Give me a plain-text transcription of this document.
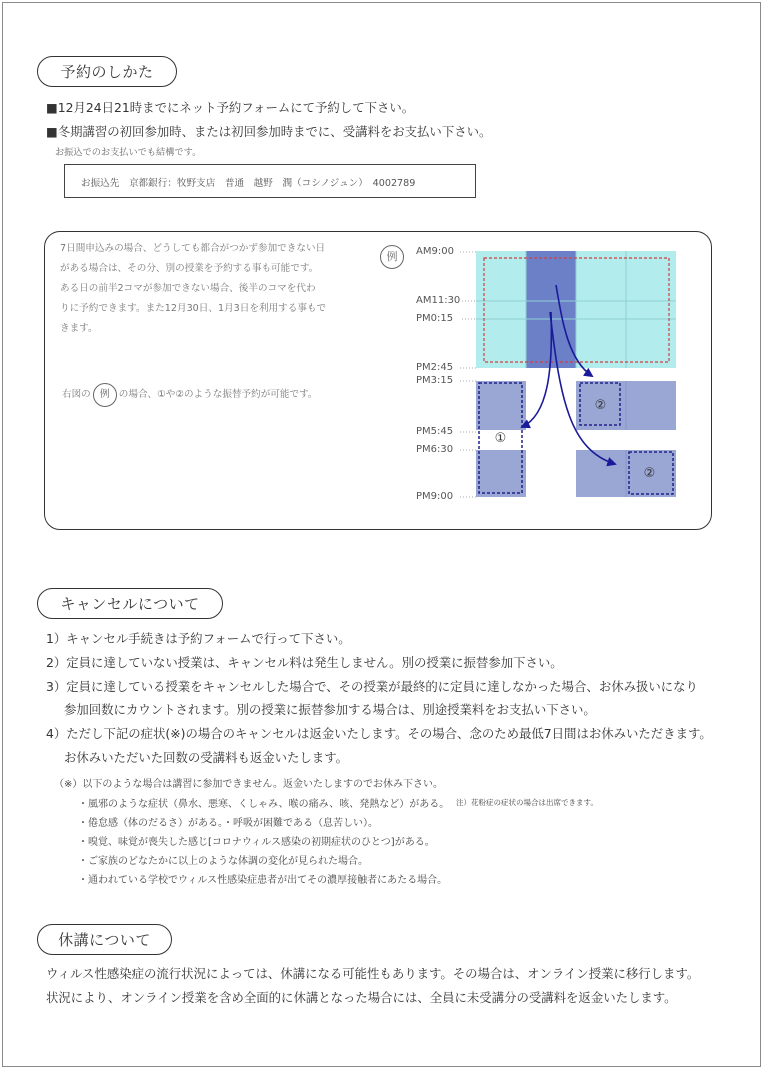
予約のしかた
■12月24日21時までにネット予約フォームにて予約して下さい。
■冬期講習の初回参加時、または初回参加時までに、受講料をお支払い下さい。
お振込でのお支払いでも結構です。
お振込先　京都銀行：牧野支店　普通　越野　潤（コシノジュン）　4002789
7日間申込みの場合、どうしても都合がつかず参加できない日
がある場合は、その分、別の授業を予約する事も可能です。
ある日の前半2コマが参加できない場合、後半のコマを代わ
りに予約できます。また12月30日、1月3日を利用する事もで
きます。
右図の 例 の場合、①や②のような振替予約が可能です。
例	AM9:00
AM11:30
PM0:15
PM2:45
PM3:15
PM5:45
PM6:30
PM9:00
①
②
②
キャンセルについて
1）キャンセル手続きは予約フォームで行って下さい。
2）定員に達していない授業は、キャンセル料は発生しません。別の授業に振替参加下さい。
3）定員に達している授業をキャンセルした場合で、その授業が最終的に定員に達しなかった場合、お休み扱いになり
参加回数にカウントされます。別の授業に振替参加する場合は、別途授業料をお支払い下さい。
4）ただし下記の症状(※)の場合のキャンセルは返金いたします。その場合、念のため最低7日間はお休みいただきます。
お休みいただいた回数の受講料も返金いたします。
（※）以下のような場合は講習に参加できません。返金いたしますのでお休み下さい。
・風邪のような症状（鼻水、悪寒、くしゃみ、喉の痛み、咳、発熱など）がある。 注）花粉症の症状の場合は出席できます。
・倦怠感（体のだるさ）がある。・呼吸が困難である（息苦しい）。
・嗅覚、味覚が喪失した感じ[コロナウィルス感染の初期症状のひとつ]がある。
・ご家族のどなたかに以上のような体調の変化が見られた場合。
・通われている学校でウィルス性感染症患者が出てその濃厚接触者にあたる場合。
休講について
ウィルス性感染症の流行状況によっては、休講になる可能性もあります。その場合は、オンライン授業に移行します。
状況により、オンライン授業を含め全面的に休講となった場合には、全員に未受講分の受講料を返金いたします。
